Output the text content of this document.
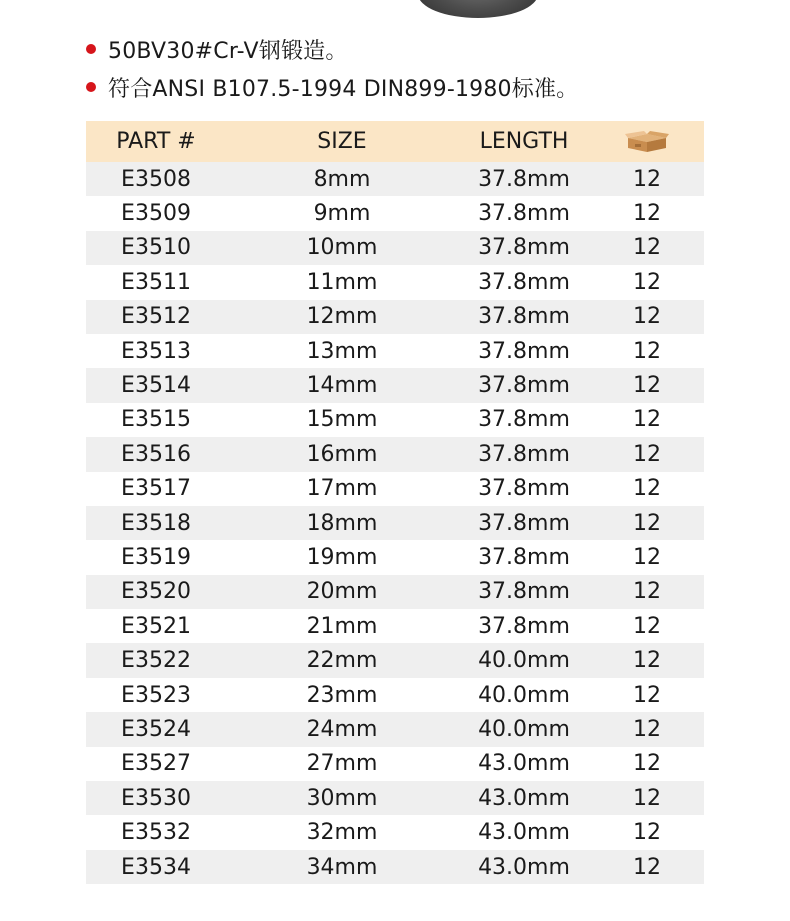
50BV30#Cr-V钢锻造。
符合ANSI B107.5-1994 DIN899-1980标准。
PART #	SIZE	LENGTH
E3508	8mm	37.8mm	12
E3509	9mm	37.8mm	12
E3510	10mm	37.8mm	12
E3511	11mm	37.8mm	12
E3512	12mm	37.8mm	12
E3513	13mm	37.8mm	12
E3514	14mm	37.8mm	12
E3515	15mm	37.8mm	12
E3516	16mm	37.8mm	12
E3517	17mm	37.8mm	12
E3518	18mm	37.8mm	12
E3519	19mm	37.8mm	12
E3520	20mm	37.8mm	12
E3521	21mm	37.8mm	12
E3522	22mm	40.0mm	12
E3523	23mm	40.0mm	12
E3524	24mm	40.0mm	12
E3527	27mm	43.0mm	12
E3530	30mm	43.0mm	12
E3532	32mm	43.0mm	12
E3534	34mm	43.0mm	12
